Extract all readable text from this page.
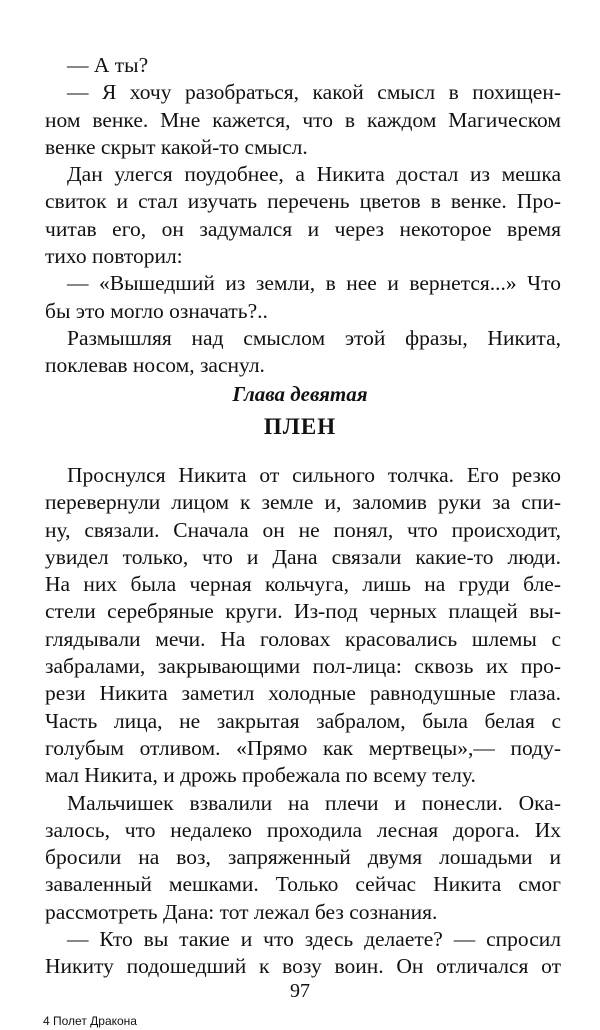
— А ты?
— Я хочу разобраться, какой смысл в похищен-
ном венке. Мне кажется, что в каждом Магическом
венке скрыт какой-то смысл.
Дан улегся поудобнее, а Никита достал из мешка
свиток и стал изучать перечень цветов в венке. Про-
читав его, он задумался и через некоторое время
тихо повторил:
— «Вышедший из земли, в нее и вернется...» Что
бы это могло означать?..
Размышляя над смыслом этой фразы, Никита,
поклевав носом, заснул.
Глава девятая
ПЛЕН
Проснулся Никита от сильного толчка. Его резко
перевернули лицом к земле и, заломив руки за спи-
ну, связали. Сначала он не понял, что происходит,
увидел только, что и Дана связали какие-то люди.
На них была черная кольчуга, лишь на груди бле-
стели серебряные круги. Из-под черных плащей вы-
глядывали мечи. На головах красовались шлемы с
забралами, закрывающими пол-лица: сквозь их про-
рези Никита заметил холодные равнодушные глаза.
Часть лица, не закрытая забралом, была белая с
голубым отливом. «Прямо как мертвецы»,— поду-
мал Никита, и дрожь пробежала по всему телу.
Мальчишек взвалили на плечи и понесли. Ока-
залось, что недалеко проходила лесная дорога. Их
бросили на воз, запряженный двумя лошадьми и
заваленный мешками. Только сейчас Никита смог
рассмотреть Дана: тот лежал без сознания.
— Кто вы такие и что здесь делаете? — спросил
Никиту подошедший к возу воин. Он отличался от
97
4 Полет Дракона
